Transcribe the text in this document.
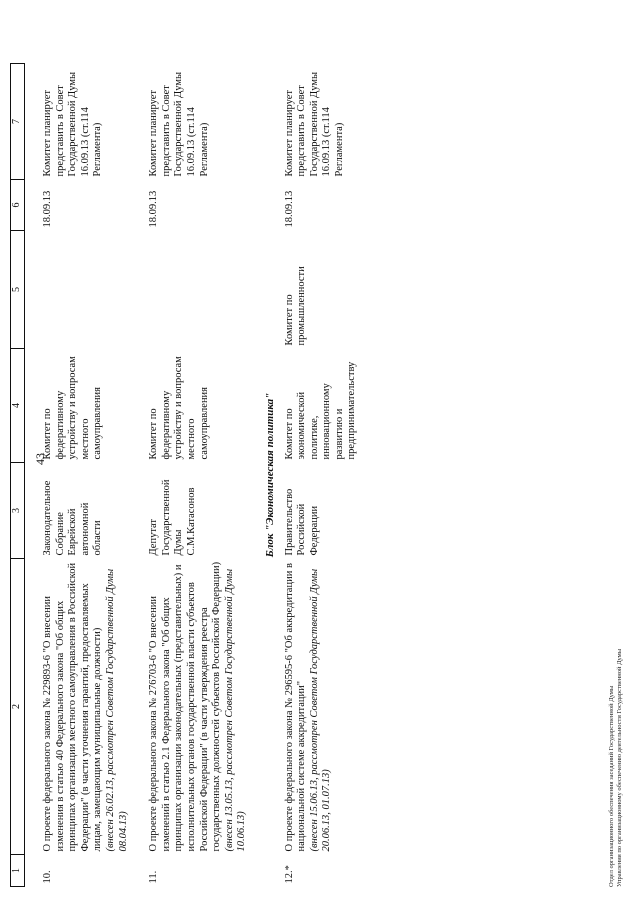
43
1	2	3	4	5	6	7

10.	О проекте федерального закона № 229893-6 "О внесении изменения в статью 40 Федерального закона "Об общих принципах организации местного самоуправления в Российской Федерации" (в части уточнения гарантий, предоставляемых лицам, замещающим муниципальные должности) (внесен 26.02.13, рассмотрен Советом Государственной Думы 08.04.13)	Законодательное Собрание Еврейской автономной области	Комитет по федеративному устройству и вопросам местного самоуправления		18.09.13	Комитет планирует представить в Совет Государственной Думы 16.09.13 (ст.114 Регламента)

11.	О проекте федерального закона № 276703-6 "О внесении изменений в статью 2.1 Федерального закона "Об общих принципах организации законодательных (представительных) и исполнительных органов государственной власти субъектов Российской Федерации" (в части утверждения реестра государственных должностей субъектов Российской Федерации) (внесен 13.05.13, рассмотрен Советом Государственной Думы 10.06.13)	Депутат Государственной Думы С.М.Катасонов	Комитет по федеративному устройству и вопросам местного самоуправления		18.09.13	Комитет планирует представить в Совет Государственной Думы 16.09.13 (ст.114 Регламента)
Блок "Экономическая политика"						
12.*	О проекте федерального закона № 296595-6 "Об аккредитации в национальной системе аккредитации" (внесен 15.06.13, рассмотрен Советом Государственной Думы 20.06.13, 01.07.13)	Правительство Российской Федерации	Комитет по экономической политике, инновационному развитию и предпринимательству	Комитет по промышленности	18.09.13	Комитет планирует представить в Совет Государственной Думы 16.09.13 (ст.114 Регламента)
Отдел организационного обеспечения заседаний Государственной Думы Управления по организационному обеспечению деятельности Государственной Думы
